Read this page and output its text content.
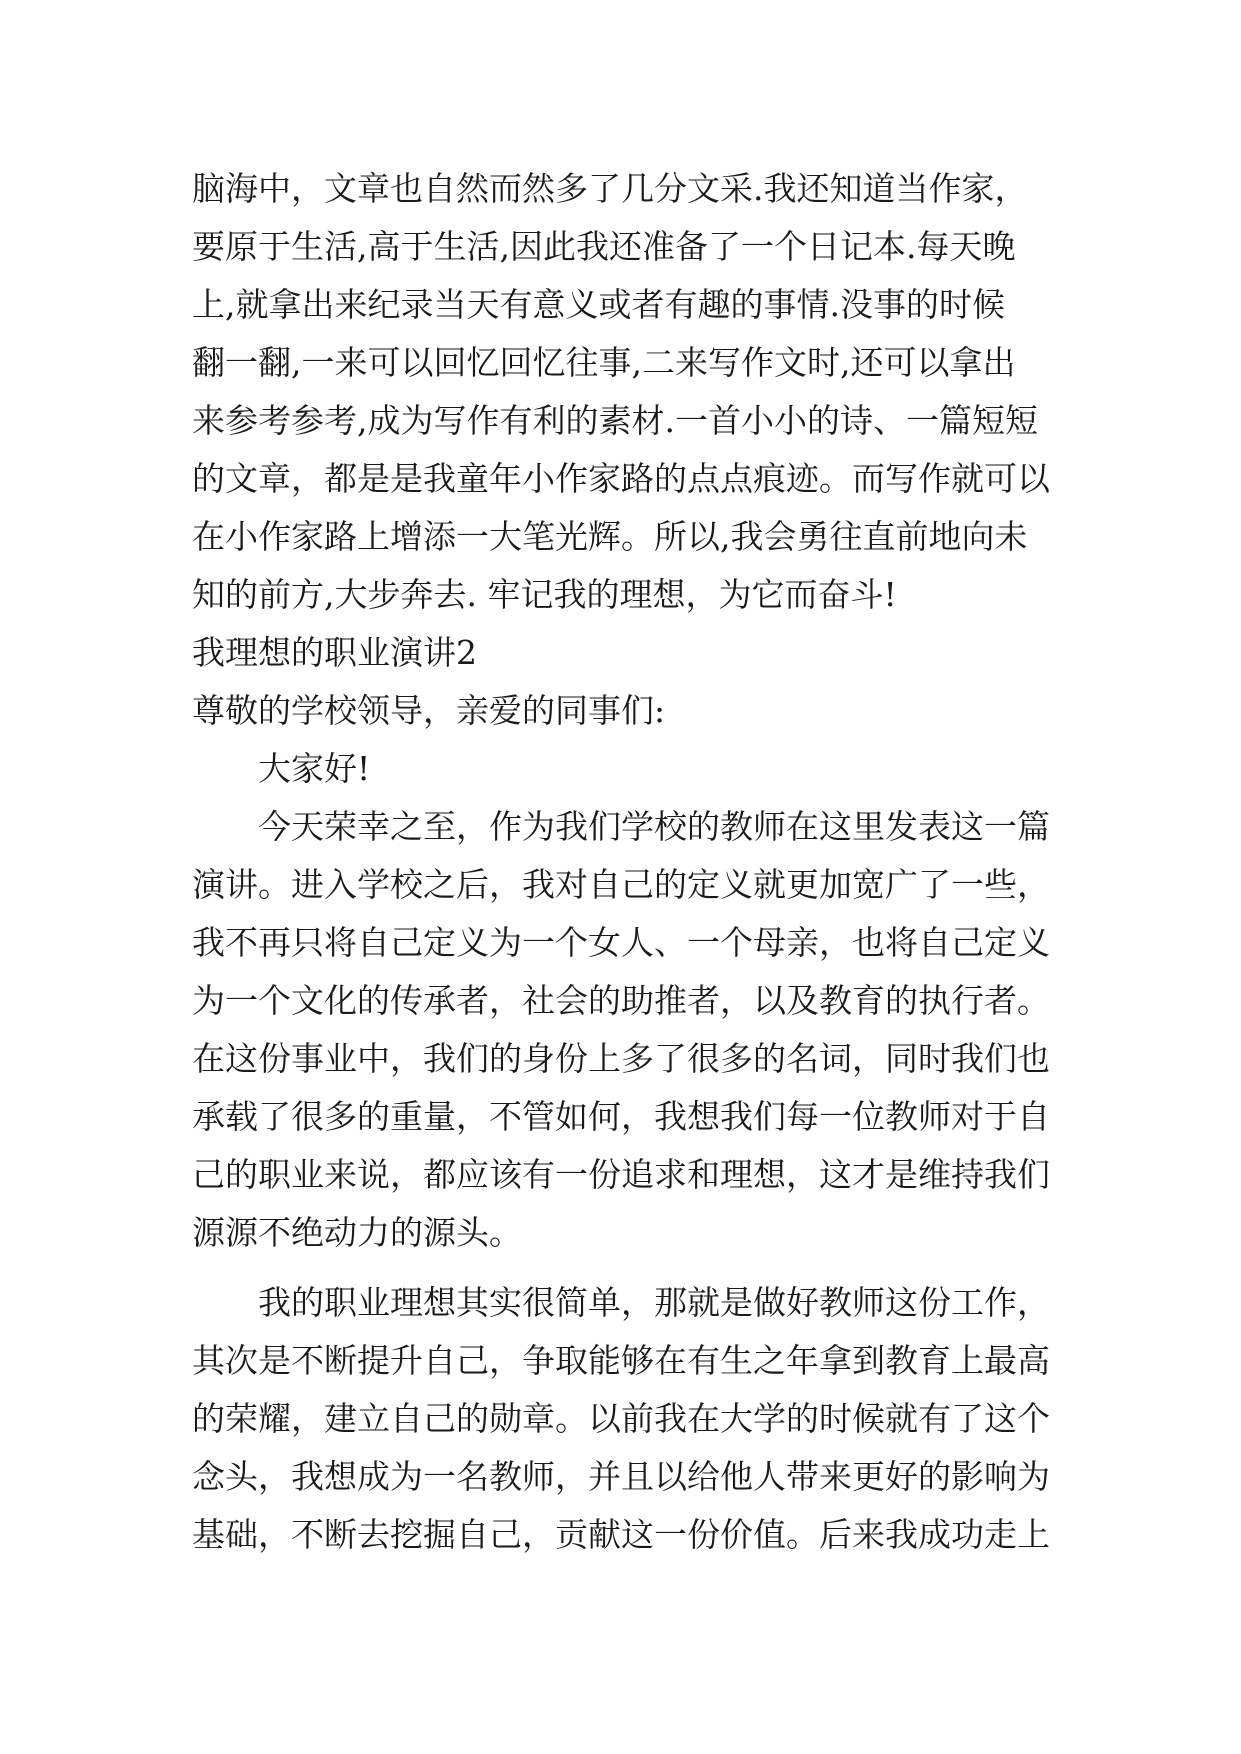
脑海中，文章也自然而然多了几分文采.我还知道当作家，
要原于生活,高于生活,因此我还准备了一个日记本.每天晚
上,就拿出来纪录当天有意义或者有趣的事情.没事的时候
翻一翻,一来可以回忆回忆往事,二来写作文时,还可以拿出
来参考参考,成为写作有利的素材.一首小小的诗、一篇短短
的文章，都是是我童年小作家路的点点痕迹。而写作就可以
在小作家路上增添一大笔光辉。所以,我会勇往直前地向未
知的前方,大步奔去. 牢记我的理想，为它而奋斗!
我理想的职业演讲2
尊敬的学校领导，亲爱的同事们:
大家好!
今天荣幸之至，作为我们学校的教师在这里发表这一篇
演讲。进入学校之后，我对自己的定义就更加宽广了一些，
我不再只将自己定义为一个女人、一个母亲，也将自己定义
为一个文化的传承者，社会的助推者，以及教育的执行者。
在这份事业中，我们的身份上多了很多的名词，同时我们也
承载了很多的重量，不管如何，我想我们每一位教师对于自
己的职业来说，都应该有一份追求和理想，这才是维持我们
源源不绝动力的源头。
我的职业理想其实很简单，那就是做好教师这份工作，
其次是不断提升自己，争取能够在有生之年拿到教育上最高
的荣耀，建立自己的勋章。以前我在大学的时候就有了这个
念头，我想成为一名教师，并且以给他人带来更好的影响为
基础，不断去挖掘自己，贡献这一份价值。后来我成功走上
